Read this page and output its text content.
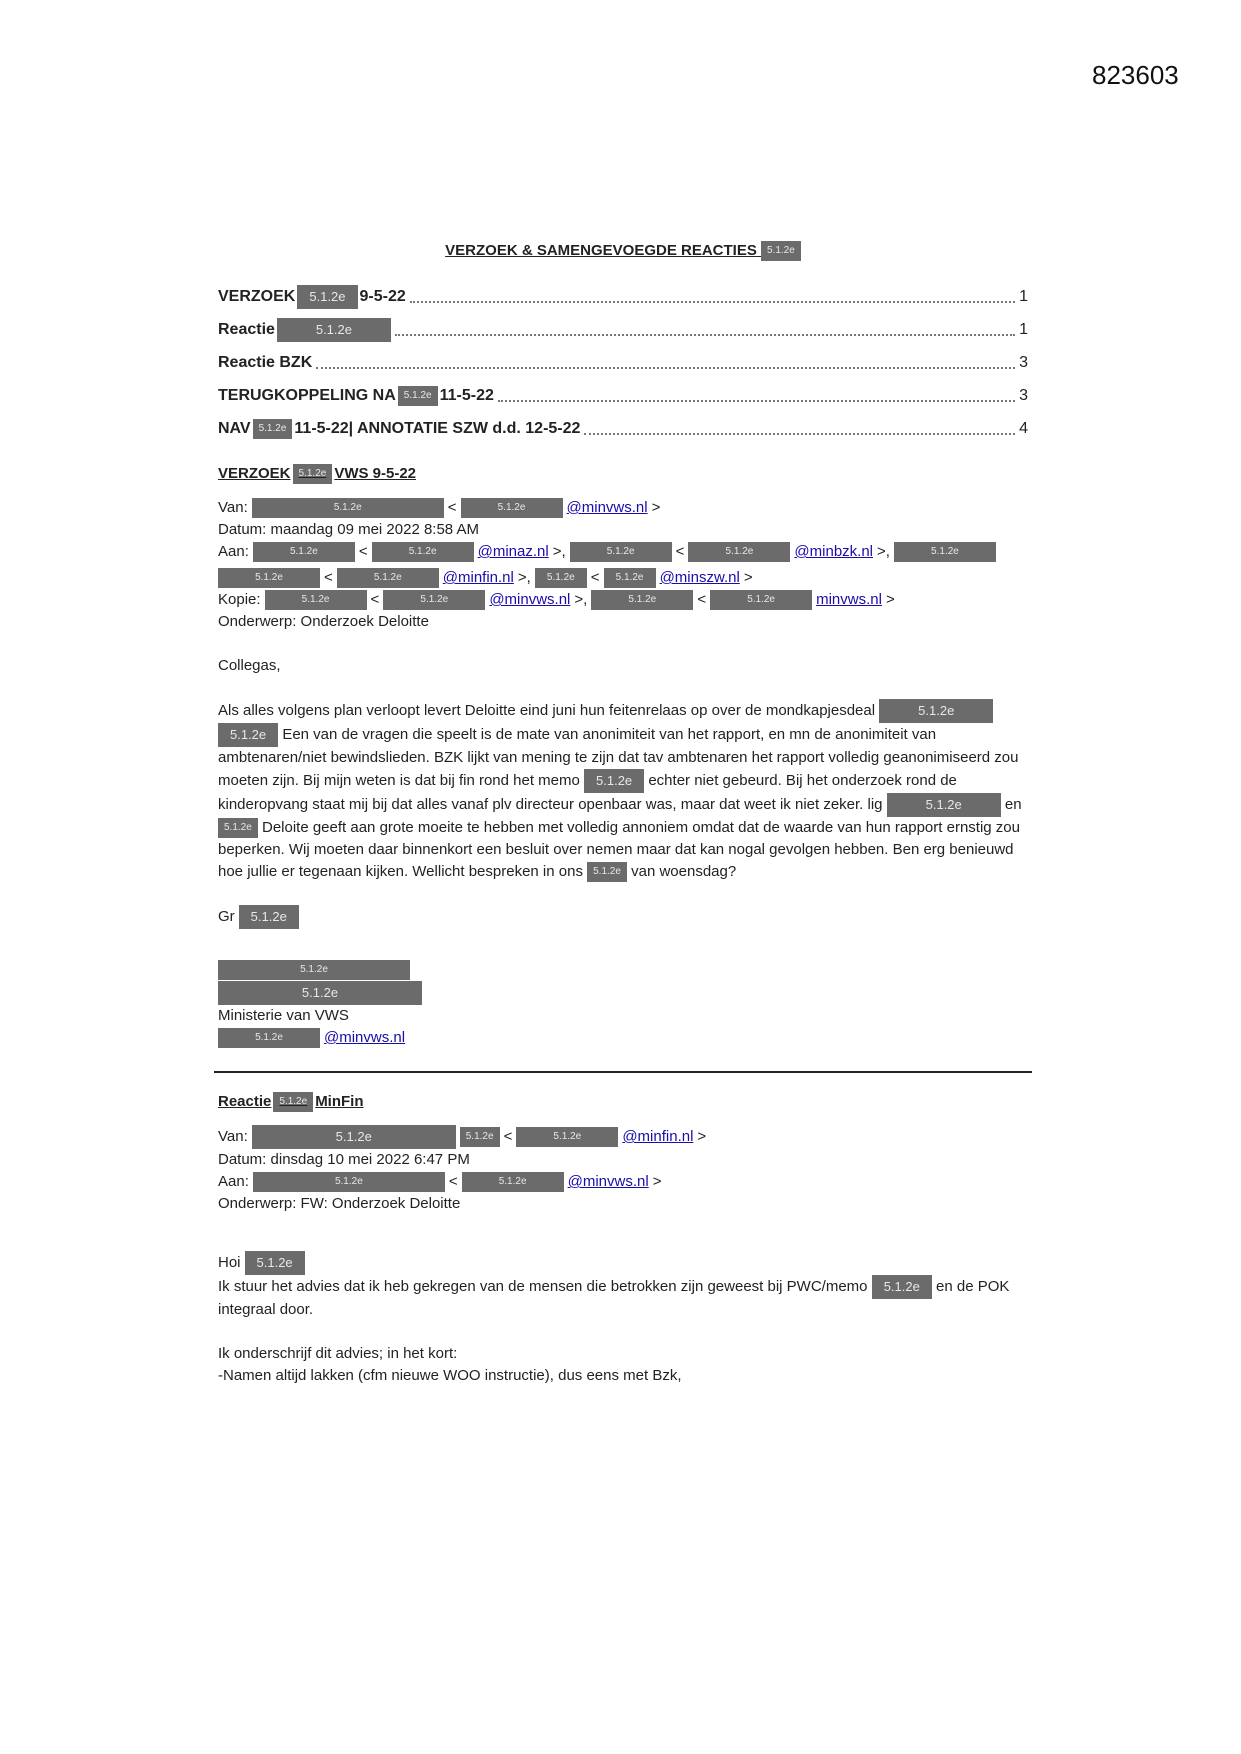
823603
VERZOEK & SAMENGEVOEGDE REACTIES 5.1.2e
VERZOEK	5.1.2e 9-5-22	1
Reactie	5.1.2e	1
Reactie BZK	3
TERUGKOPPELING NA 5.1.2e 11-5-22	3
NAV 5.1.2e 11-5-22| ANNOTATIE SZW d.d. 12-5-22	4
VERZOEK 5.1.2e VWS 9-5-22
Van:	5.1.2e	<	5.1.2e	@minvws.nl >
Datum: maandag 09 mei 2022 8:58 AM
Aan:	5.1.2e	<	5.1.2e	@minaz.nl >,	5.1.2e	<	5.1.2e	@minbzk.nl >,	5.1.2e
5.1.2e	<	5.1.2e	@minfin.nl >,	5.1.2e	<	5.1.2e	@minszw.nl >
Kopie:	5.1.2e	<	5.1.2e	@minvws.nl >,	5.1.2e	<	5.1.2e	minvws.nl >
Onderwerp: Onderzoek Deloitte
Collegas,
Als alles volgens plan verloopt levert Deloitte eind juni hun feitenrelaas op over de mondkapjesdeal	5.1.2e 5.1.2e Een van de vragen die speelt is de mate van anonimiteit van het rapport, en mn de anonimiteit van ambtenaren/niet bewindslieden. BZK lijkt van mening te zijn dat tav ambtenaren het rapport volledig geanonimiseerd zou moeten zijn. Bij mijn weten is dat bij fin rond het memo 5.1.2e echter niet gebeurd. Bij het onderzoek rond de kinderopvang staat mij bij dat alles vanaf plv directeur openbaar was, maar dat weet ik niet zeker. lig	5.1.2e	en 5.1.2e Deloite geeft aan grote moeite te hebben met volledig annoniem omdat dat de waarde van hun rapport ernstig zou beperken. Wij moeten daar binnenkort een besluit over nemen maar dat kan nogal gevolgen hebben. Ben erg benieuwd hoe jullie er tegenaan kijken. Wellicht bespreken in ons 5.1.2e van woensdag?
Gr	5.1.2e
5.1.2e
5.1.2e
Ministerie van VWS
5.1.2e	@minvws.nl
Reactie 5.1.2e MinFin
Van:	5.1.2e	5.1.2e <	5.1.2e	@minfin.nl >
Datum: dinsdag 10 mei 2022 6:47 PM
Aan:	5.1.2e	<	5.1.2e	@minvws.nl >
Onderwerp: FW: Onderzoek Deloitte
Hoi	5.1.2e
Ik stuur het advies dat ik heb gekregen van de mensen die betrokken zijn geweest bij PWC/memo 5.1.2e en de POK integraal door.
Ik onderschrijf dit advies; in het kort:
-Namen altijd lakken (cfm nieuwe WOO instructie), dus eens met Bzk,
